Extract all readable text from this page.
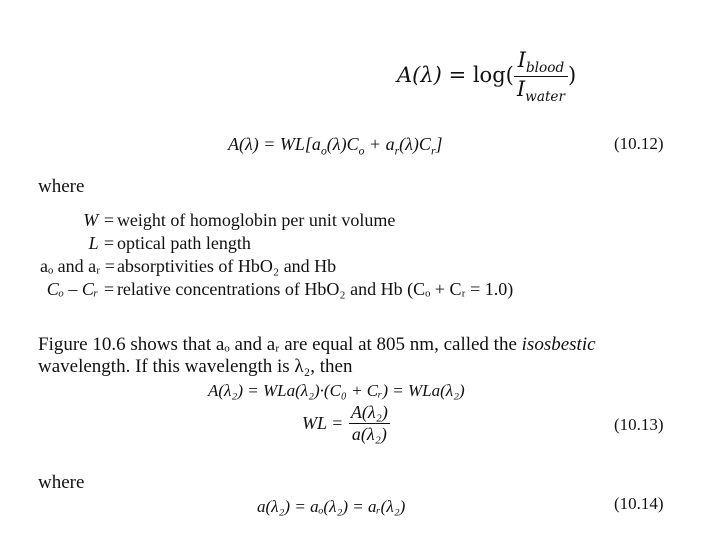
$A(\lambda) = \log( \frac{I_{blood}}{I_{water}}$ )
$A(\lambda) = WL[a_o(\lambda)C_o + a_r(\lambda)C_r]$	(10.12)
where
W =	weight of homoglobin per unit volume
L =	optical path length
aₒ and aᵣ =	absorptivities of HbO₂ and Hb
Cₒ – Cᵣ =	relative concentrations of HbO₂ and Hb (Cₒ + Cᵣ = 1.0)
Figure 10.6 shows that aₒ and aᵣ are equal at 805 nm, called the isosbestic
wavelength. If this wavelength is λ₂, then
A(λ₂) = WLa(λ₂)·(C₀ + Cᵣ) = WLa(λ₂)
WL = $\frac{\text{A(λ₂)}}{\text{a(λ₂)}}$	(10.13)
where
a(λ₂) = aₒ(λ₂) = aᵣ(λ₂)	(10.14)
